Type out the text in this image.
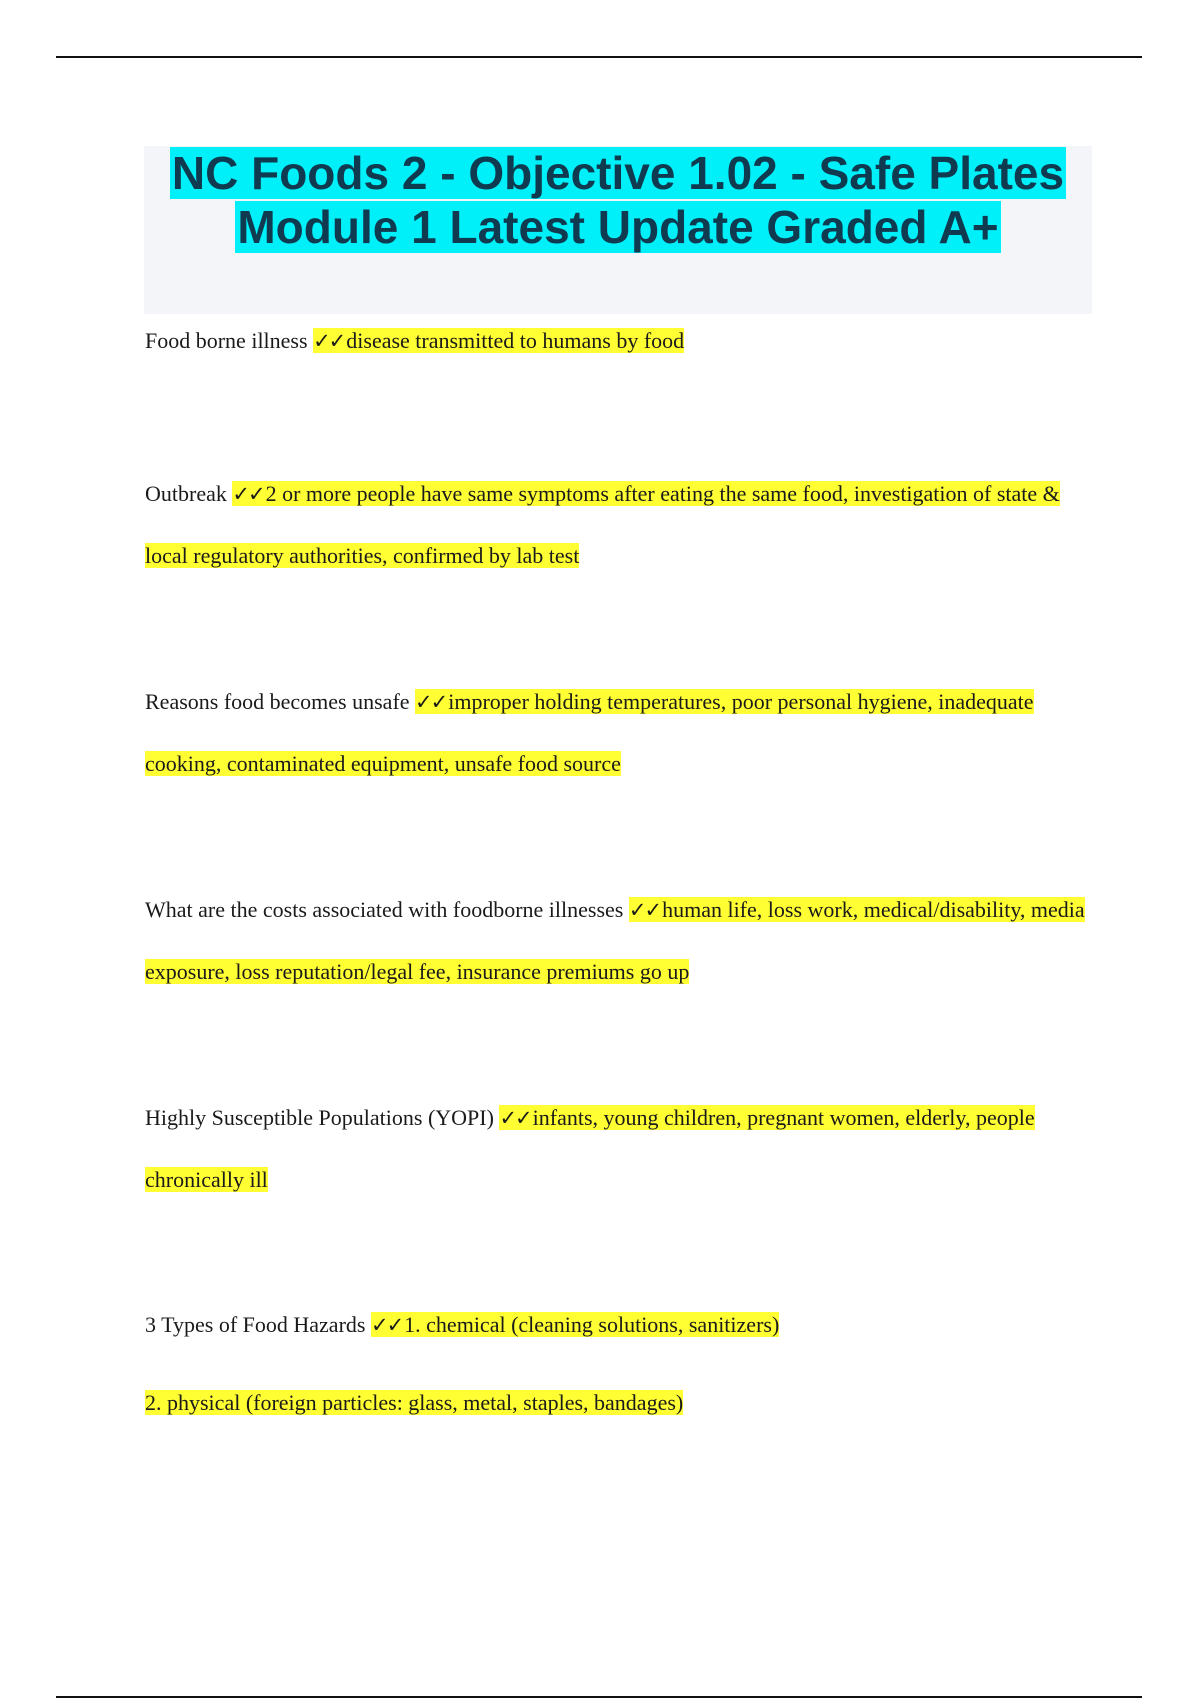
NC Foods 2 - Objective 1.02 - Safe Plates Module 1 Latest Update Graded A+

Food borne illness ✓✓disease transmitted to humans by food

Outbreak ✓✓2 or more people have same symptoms after eating the same food, investigation of state & local regulatory authorities, confirmed by lab test

Reasons food becomes unsafe ✓✓improper holding temperatures, poor personal hygiene, inadequate cooking, contaminated equipment, unsafe food source

What are the costs associated with foodborne illnesses ✓✓human life, loss work, medical/disability, media exposure, loss reputation/legal fee, insurance premiums go up

Highly Susceptible Populations (YOPI) ✓✓infants, young children, pregnant women, elderly, people chronically ill

3 Types of Food Hazards ✓✓1. chemical (cleaning solutions, sanitizers)
2. physical (foreign particles: glass, metal, staples, bandages)
